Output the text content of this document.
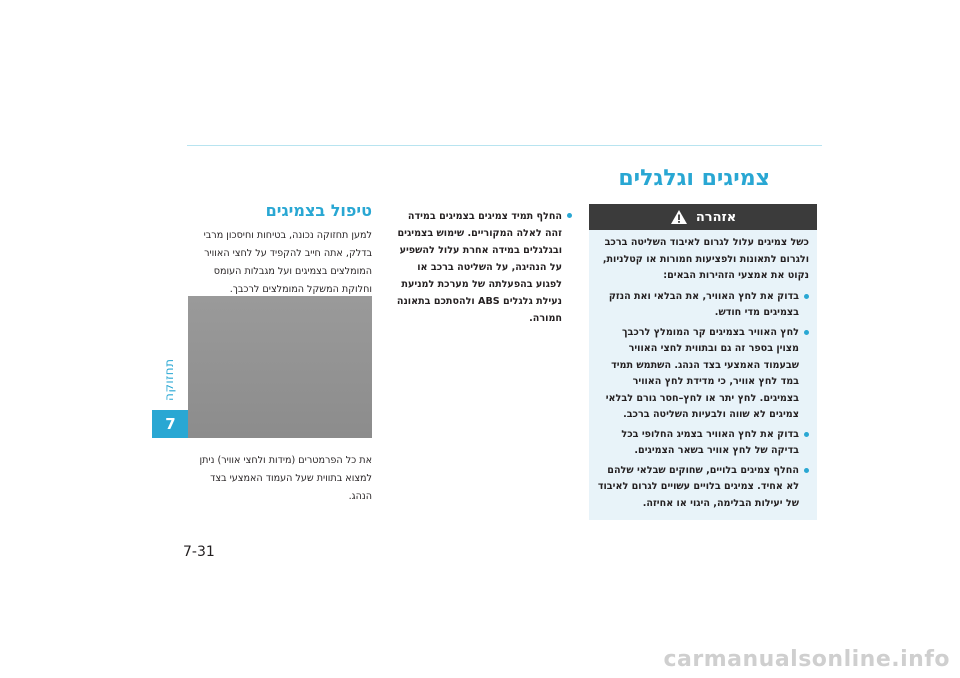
תחזוקה
7
צמיגים וגלגלים
אזהרה

כשל צמיגים עלול לגרום לאיבוד השליטה ברכב ולגרום לתאונות ולפציעות חמורות או קטלניות, נקוט את אמצעי הזהירות הבאים:

בדוק את לחץ האוויר, את הבלאי ואת הנזק בצמיגים מדי חודש.
לחץ האוויר בצמיגים קר המומלץ לרכבך מצוין בספר זה גם ובתווית לחצי האוויר שבעמוד האמצעי בצד הנהג. השתמש תמיד במד לחץ אוויר, כי מדידת לחץ האוויר בצמיגים. לחץ יתר או לחץ–חסר גורם לבלאי צמיגים לא שווה ולבעיות השליטה ברכב.
בדוק את לחץ האוויר בצמיג החלופי בכל בדיקה של לחץ אוויר בשאר הצמיגים.
החלף צמיגים בלויים, שחוקים שבלאי שלהם לא אחיד. צמיגים בלויים עשויים לגרום לאיבוד של יעילות הבלימה, היגוי או אחיזה.
החלף תמיד צמיגים בצמיגים במידה זהה לאלה המקוריים. שימוש בצמיגים ובגלגלים במידה אחרת עלול להשפיע על הנהיגה, על השליטה ברכב או לפגוע בהפעלתה של מערכת למניעת נעילת גלגלים ABS ולהסתכם בתאונה חמורה.
טיפול בצמיגים
למען תחזוקה נכונה, בטיחות וחיסכון מרבי בדלק, אתה חייב להקפיד על לחצי האוויר המומלצים בצמיגים ועל מגבלות העומס וחלוקת המשקל המומלצים לרכבך.
את כל הפרמטרים (מידות ולחצי אוויר) ניתן למצוא בתווית שעל העמוד האמצעי בצד הנהג.
7-31
carmanualsonline.info
